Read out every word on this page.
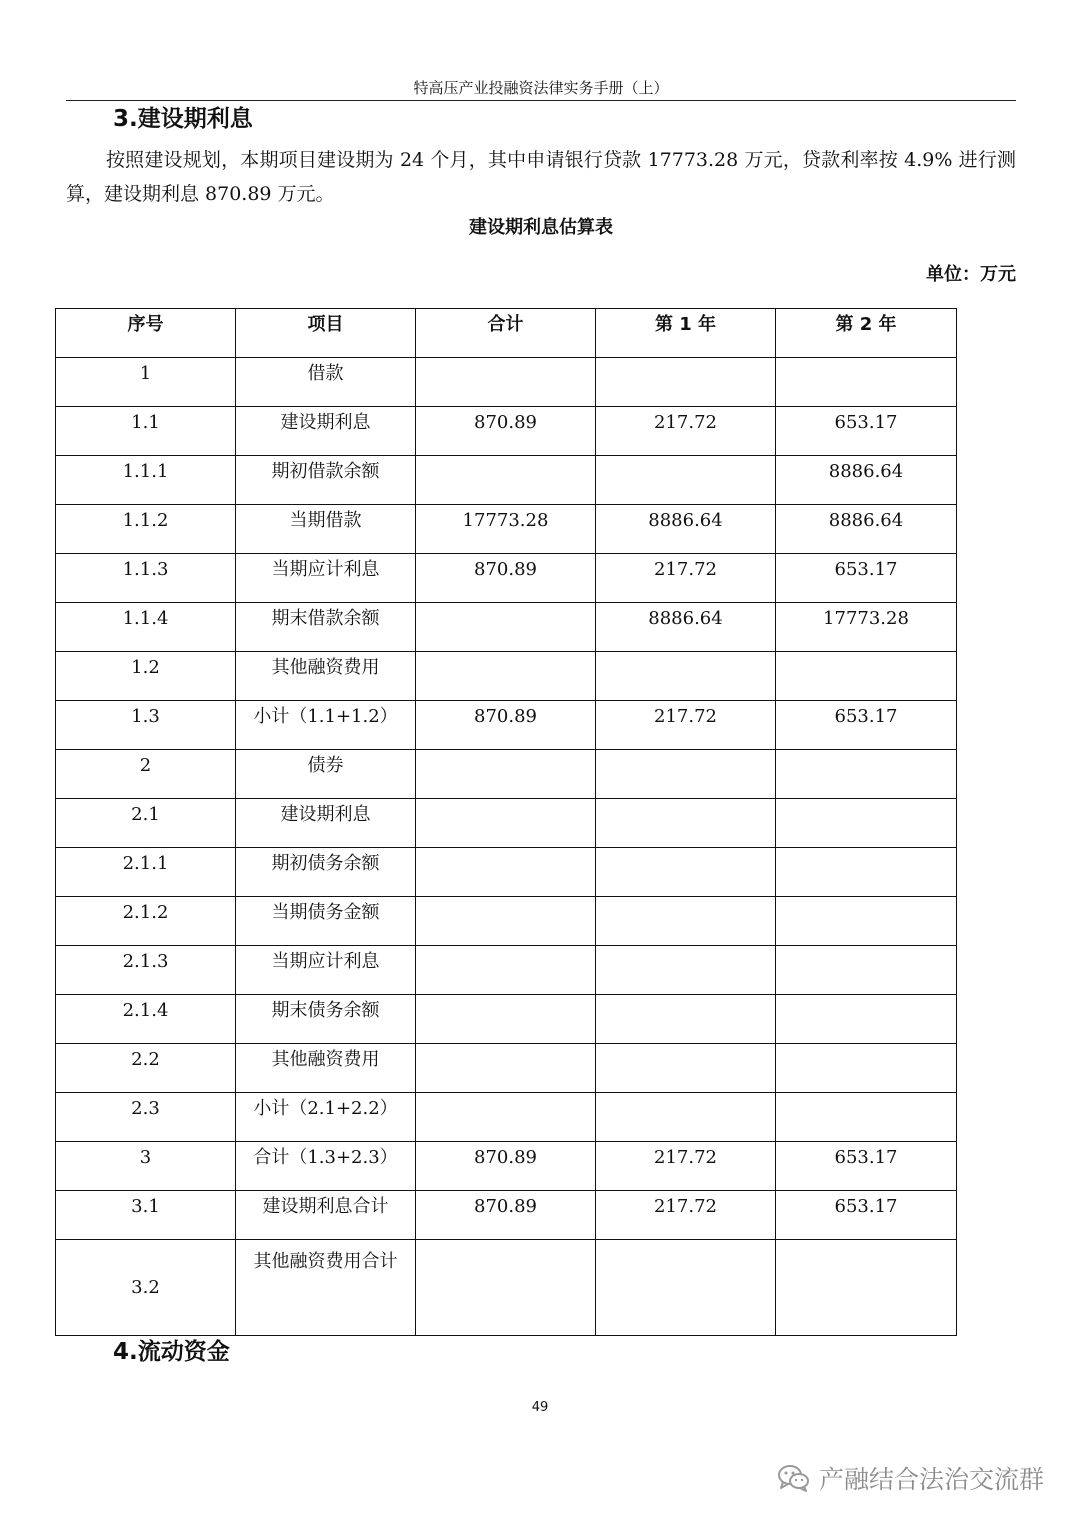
特高压产业投融资法律实务手册（上）
3.建设期利息
按照建设规划，本期项目建设期为 24 个月，其中申请银行贷款 17773.28 万元，贷款利率按 4.9% 进行测算，建设期利息 870.89 万元。
建设期利息估算表
单位：万元
序号	项目	合计	第 1 年	第 2 年
1	借款			
1.1	建设期利息	870.89	217.72	653.17
1.1.1	期初借款余额			8886.64
1.1.2	当期借款	17773.28	8886.64	8886.64
1.1.3	当期应计利息	870.89	217.72	653.17
1.1.4	期末借款余额		8886.64	17773.28
1.2	其他融资费用			
1.3	小计（1.1+1.2）	870.89	217.72	653.17
2	债券			
2.1	建设期利息			
2.1.1	期初债务余额			
2.1.2	当期债务金额			
2.1.3	当期应计利息			
2.1.4	期末债务余额			
2.2	其他融资费用			
2.3	小计（2.1+2.2）			
3	合计（1.3+2.3）	870.89	217.72	653.17
3.1	建设期利息合计	870.89	217.72	653.17
3.2	其他融资费用合计			
4.流动资金
49
产融结合法治交流群
